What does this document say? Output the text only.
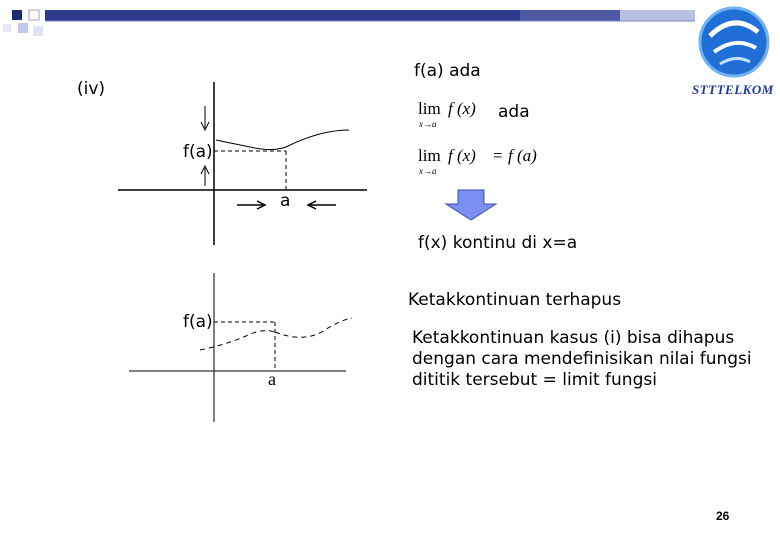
STTTELKOM
(iv)
f(a) ada
lim
x→a
f (x) ada
lim
x→a
f (x) = f (a)
f(x) kontinu di x=a
f(a)
a
f(a)
a
Ketakkontinuan terhapus
Ketakkontinuan kasus (i) bisa dihapus
dengan cara mendefinisikan nilai fungsi
dititik tersebut = limit fungsi
26
